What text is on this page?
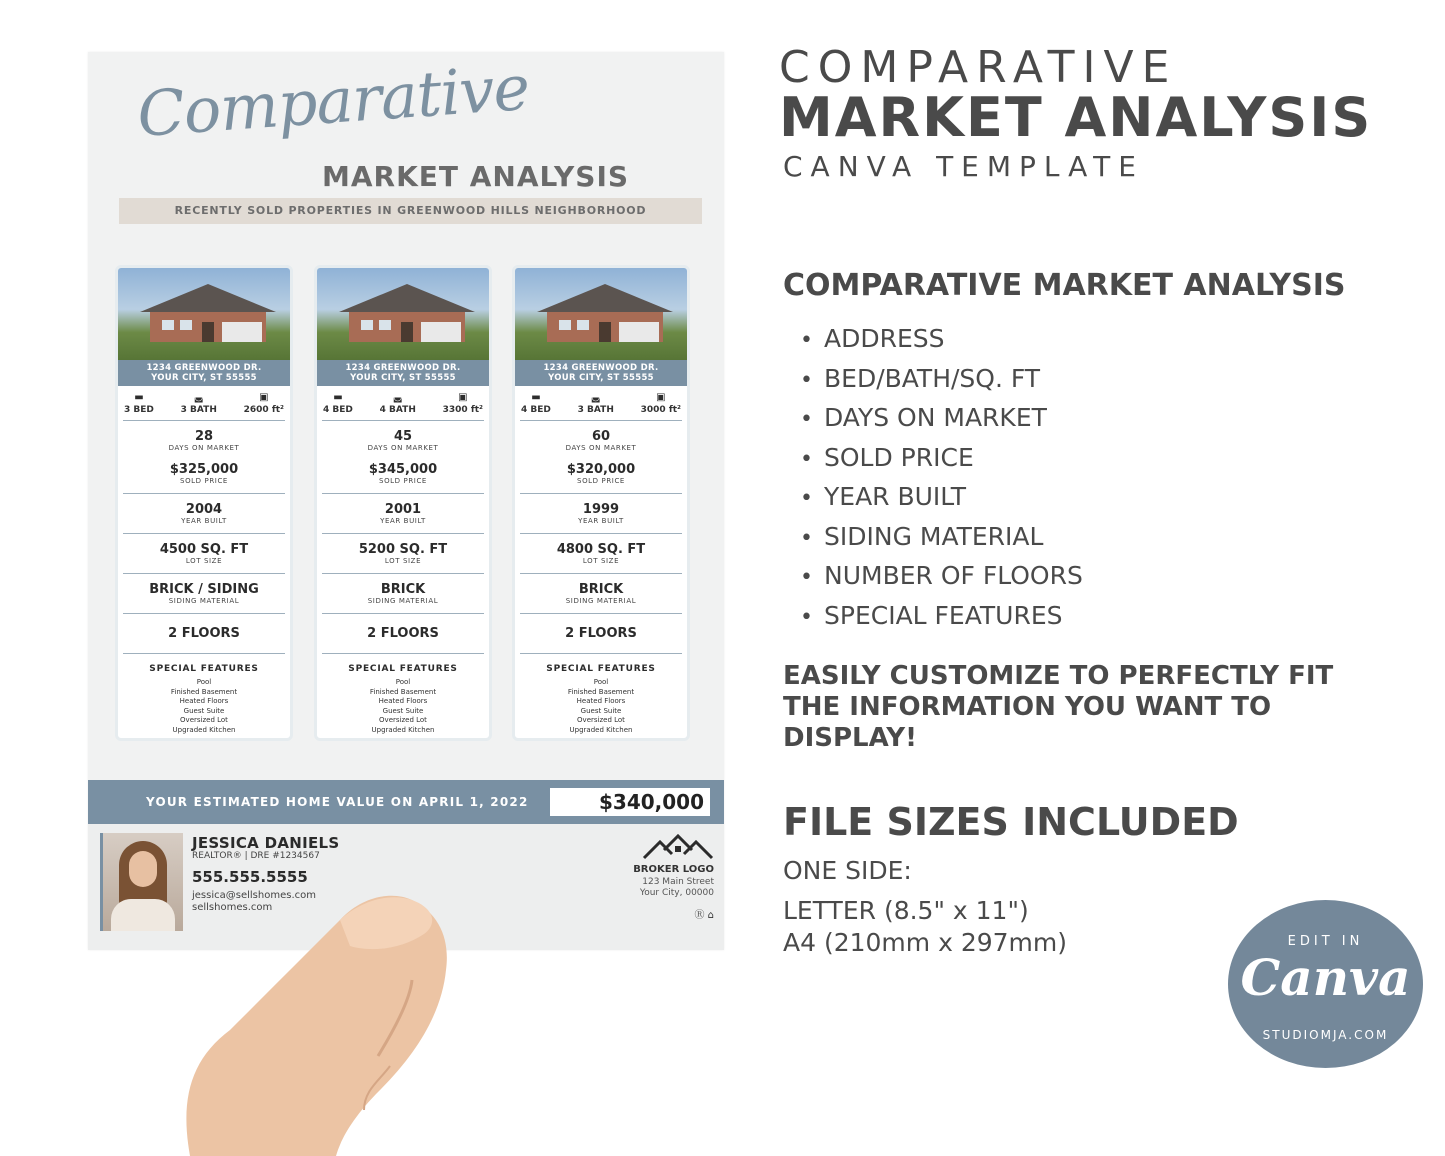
Comparative
MARKET ANALYSIS
RECENTLY SOLD PROPERTIES IN GREENWOOD HILLS NEIGHBORHOOD
1234 GREENWOOD DR.
YOUR CITY, ST 55555
▬
3 BED
◛
3 BATH
▣
2600 ft²
28
DAYS ON MARKET
$325,000
SOLD PRICE
2004
YEAR BUILT
4500 SQ. FT
LOT SIZE
BRICK / SIDING
SIDING MATERIAL
2 FLOORS
SPECIAL FEATURES
Pool
Finished Basement
Heated Floors
Guest Suite
Oversized Lot
Upgraded Kitchen
1234 GREENWOOD DR.
YOUR CITY, ST 55555
▬
4 BED
◛
4 BATH
▣
3300 ft²
45
DAYS ON MARKET
$345,000
SOLD PRICE
2001
YEAR BUILT
5200 SQ. FT
LOT SIZE
BRICK
SIDING MATERIAL
2 FLOORS
SPECIAL FEATURES
Pool
Finished Basement
Heated Floors
Guest Suite
Oversized Lot
Upgraded Kitchen
1234 GREENWOOD DR.
YOUR CITY, ST 55555
▬
4 BED
◛
3 BATH
▣
3000 ft²
60
DAYS ON MARKET
$320,000
SOLD PRICE
1999
YEAR BUILT
4800 SQ. FT
LOT SIZE
BRICK
SIDING MATERIAL
2 FLOORS
SPECIAL FEATURES
Pool
Finished Basement
Heated Floors
Guest Suite
Oversized Lot
Upgraded Kitchen
YOUR ESTIMATED HOME VALUE ON APRIL 1, 2022	$340,000
JESSICA DANIELS
REALTOR® | DRE #1234567
555.555.5555
jessica@sellshomes.com
sellshomes.com
BROKER LOGO
123 Main Street
Your City, 00000
Ⓡ ⌂
COMPARATIVE
MARKET ANALYSIS
CANVA TEMPLATE
COMPARATIVE MARKET ANALYSIS
• ADDRESS
• BED/BATH/SQ. FT
• DAYS ON MARKET
• SOLD PRICE
• YEAR BUILT
• SIDING MATERIAL
• NUMBER OF FLOORS
• SPECIAL FEATURES
EASILY CUSTOMIZE TO PERFECTLY FIT THE INFORMATION YOU WANT TO DISPLAY!
FILE SIZES INCLUDED
ONE SIDE:
LETTER (8.5" x 11")
A4 (210mm x 297mm)	EDIT IN
Canva
STUDIOMJA.COM
